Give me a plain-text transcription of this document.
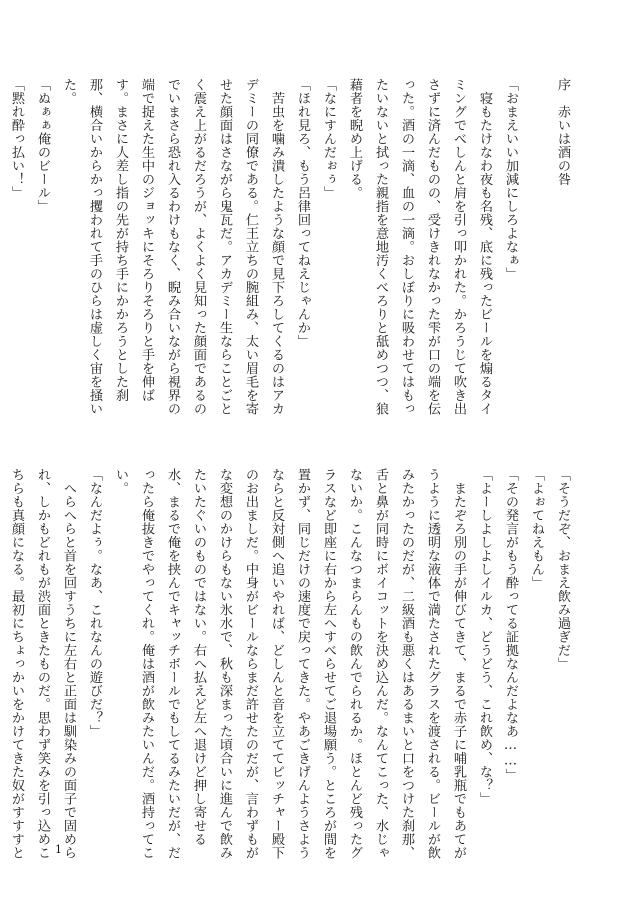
序　赤いは酒の咎

「おまえいい加減にしろよなぁ」

　寝もたけなわ夜も名残、底に残ったビールを煽るタイミングでべしんと肩を引っ叩かれた。かろうじて吹き出さずに済んだものの、受けきれなかった雫が口の端を伝った。酒の一滴、血の一滴。おしぼりに吸わせてはもったいないと拭った親指を意地汚くべろりと舐めつつ、狼藉者を睨め上げる。

「なにすんだぉぅ」

「ほれ見ろ、もう呂律回ってねえじゃんか」

　苦虫を噛み潰したような顔で見下ろしてくるのはアカデミーの同僚である。仁王立ちの腕組み、太い眉毛を寄せた顔面はさながら鬼瓦だ。アカデミー生ならことごとく震え上がるだろうが、よくよく見知った顔面であるのでいまさら恐れ入るわけもなく、睨み合いながら視界の端で捉えた生中のジョッキにそろりそろりと手を伸ばす。まさに人差し指の先が持ち手にかかろうとした刹那、横合いからかっ攫われて手のひらは虚しく宙を掻いた。

「ぬぁぁ俺のビール」

「黙れ酔っ払い！」

「そうだぞ、おまえ飲み過ぎだ」

「よぉてねえもん」

「その発言がもう酔ってる証拠なんだよなあ……」

「よーしよしよしイルカ、どうどう、これ飲め、な？」

　またぞろ別の手が伸びてきて、まるで赤子に哺乳瓶でもあてがうように透明な液体で満たされたグラスを渡される。ビールが飲みたかったのだが、二級酒も悪くはあるまいと口をつけた刹那、舌と鼻が同時にボイコットを決め込んだ。なんてこった、水じゃないか。こんなつまらんもの飲んでられるか。ほとんど残ったグラスなど即座に右から左へすべらせてご退場願う。ところが間を置かず、同じだけの速度で戻ってきた。やあごきげんようさようならと反対側へ追いやれば、どしんと音を立ててピッチャー殿下のお出ましだ。中身がビールならまだ許せたのだが、言わずもがな変想のかけらもない氷水で、秋も深まった頃合いに進んで飲みたいたぐいのものではない。右へ払えど左へ退けど押し寄せる水、まるで俺を挟んでキャッチボールでもしてるみたいだが、だったら俺抜きでやってくれ。俺は酒が飲みたいんだ。酒持ってこい。

「なんだよぅ。なあ、これなんの遊びだ？」

　へらへらと首を回すうちに左右と正面は馴染みの面子で固められ、しかもどれもが渋面ときたものだ。思わず笑みを引っ込めこちらも真顔になる。最初にちょっかいをかけてきた奴がすすすと	1
